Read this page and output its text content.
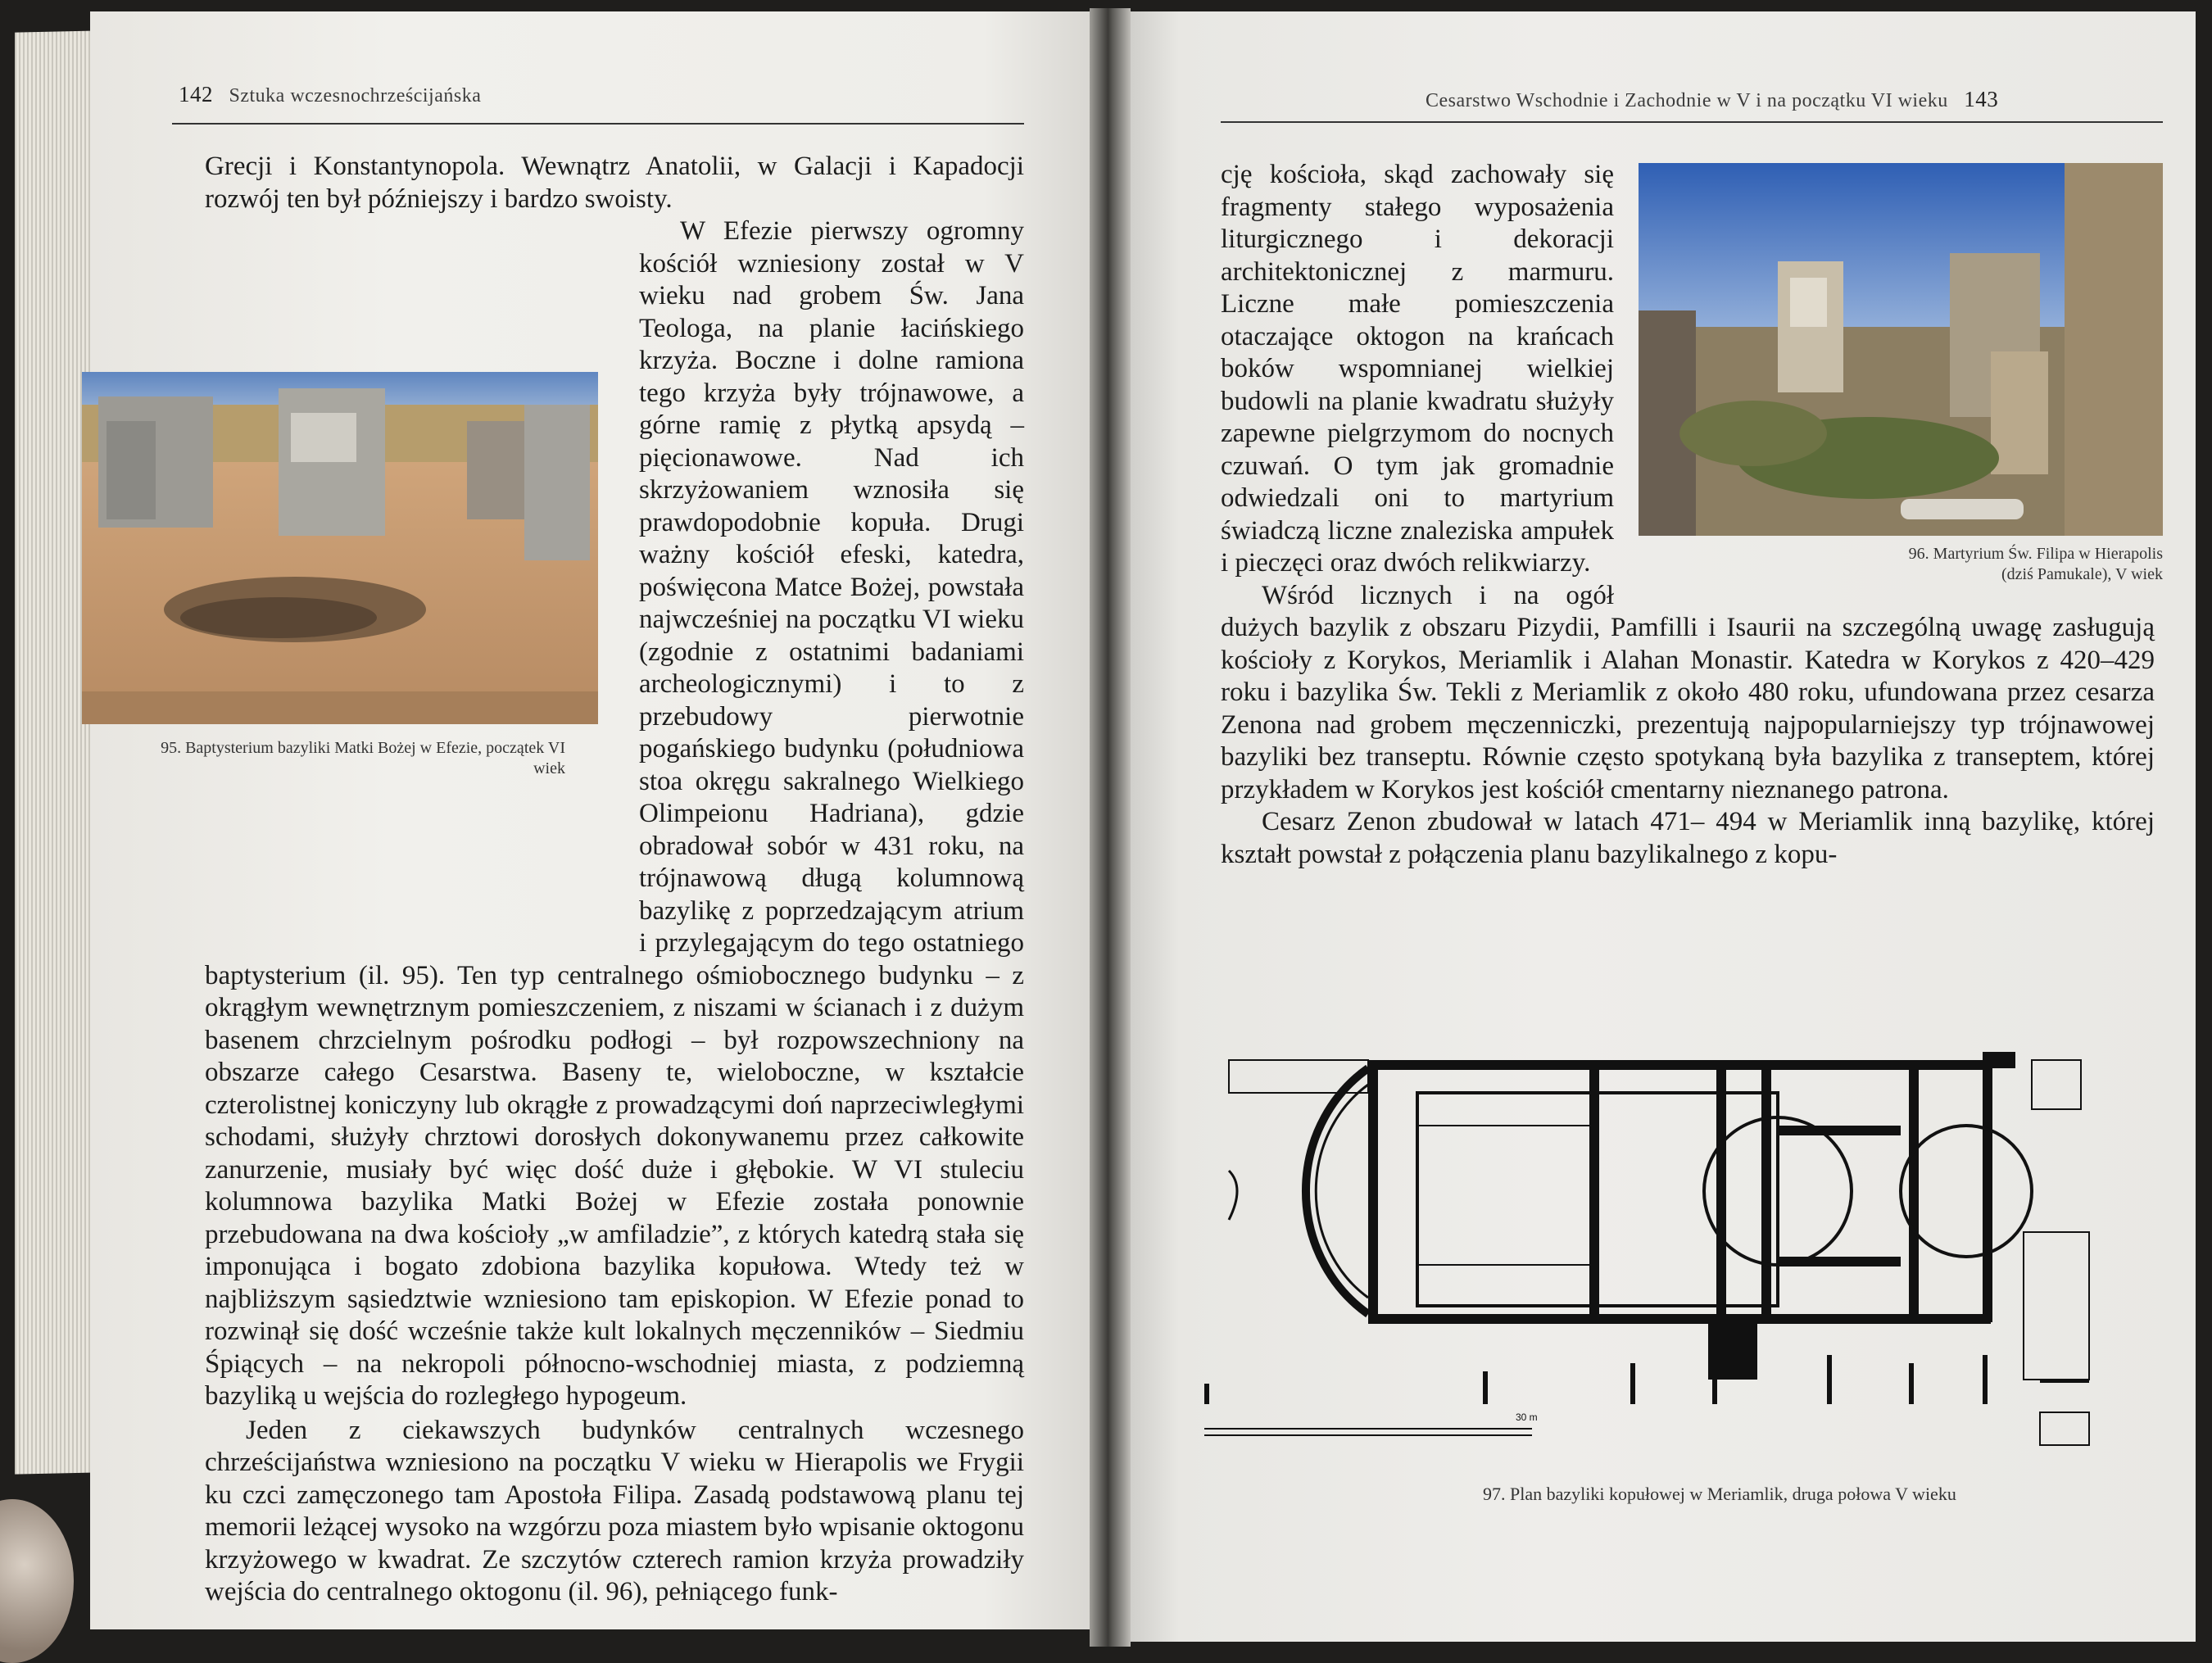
142 Sztuka wczesnochrześcijańska
95. Baptysterium bazyliki Matki Bożej w Efezie, początek VI wiek

Grecji i Konstantynopola. Wewnątrz Anatolii, w Galacji i Kapadocji rozwój ten był późniejszy i bardzo swoisty.

W Efezie pierwszy ogromny kościół wzniesiony został w V wieku nad grobem Św. Jana Teologa, na planie łacińskiego krzyża. Boczne i dolne ramiona tego krzyża były trójnawowe, a górne ramię z płytką apsydą – pięcionawowe. Nad ich skrzyżowaniem wznosiła się prawdopodobnie kopuła. Drugi ważny kościół efeski, katedra, poświęcona Matce Bożej, powstała najwcześniej na początku VI wieku (zgodnie z ostatnimi badaniami archeologicznymi) i to z przebudowy pierwotnie pogańskiego budynku (południowa stoa okręgu sakralnego Wielkiego Olimpeionu Hadriana), gdzie obradował sobór w 431 roku, na trójnawową długą kolumnową bazylikę z poprzedzającym atrium i przylegającym do tego ostatniego baptysterium (il. 95). Ten typ centralnego ośmiobocznego budynku – z okrągłym wewnętrznym pomieszczeniem, z niszami w ścianach i z dużym basenem chrzcielnym pośrodku podłogi – był rozpowszechniony na obszarze całego Cesarstwa. Baseny te, wieloboczne, w kształcie czterolistnej koniczyny lub okrągłe z prowadzącymi doń naprzeciwległymi schodami, służyły chrztowi dorosłych dokonywanemu przez całkowite zanurzenie, musiały być więc dość duże i głębokie. W VI stuleciu kolumnowa bazylika Matki Bożej w Efezie została ponownie przebudowana na dwa kościoły „w amfiladzie”, z których katedrą stała się imponująca i bogato zdobiona bazylika kopułowa. Wtedy też w najbliższym sąsiedztwie wzniesiono tam episkopion. W Efezie ponad to rozwinął się dość wcześnie także kult lokalnych męczenników – Siedmiu Śpiących – na nekropoli północno-wschodniej miasta, z podziemną bazyliką u wejścia do rozległego hypogeum.

Jeden z ciekawszych budynków centralnych wczesnego chrześcijaństwa wzniesiono na początku V wieku w Hierapolis we Frygii ku czci zamęczonego tam Apostoła Filipa. Zasadą podstawową planu tej memorii leżącej wysoko na wzgórzu poza miastem było wpisanie oktogonu krzyżowego w kwadrat. Ze szczytów czterech ramion krzyża prowadziły wejścia do centralnego oktogonu (il. 96), pełniącego funk-

Cesarstwo Wschodnie i Zachodnie w V i na początku VI wieku 143
96. Martyrium Św. Filipa w Hierapolis
(dziś Pamukale), V wiek

cję kościoła, skąd zachowały się fragmenty stałego wyposażenia liturgicznego i dekoracji architektonicznej z marmuru. Liczne małe pomieszczenia otaczające oktogon na krańcach boków wspomnianej wielkiej budowli na planie kwadratu służyły zapewne pielgrzymom do nocnych czuwań. O tym jak gromadnie odwiedzali oni to martyrium świadczą liczne znaleziska ampułek i pieczęci oraz dwóch relikwiarzy.

Wśród licznych i na ogół dużych bazylik z obszaru Pizydii, Pamfilli i Isaurii na szczególną uwagę zasługują kościoły z Korykos, Meriamlik i Alahan Monastir. Katedra w Korykos z 420–429 roku i bazylika Św. Tekli z Meriamlik z około 480 roku, ufundowana przez cesarza Zenona nad grobem męczenniczki, prezentują najpopularniejszy typ trójnawowej bazyliki bez transeptu. Równie często spotykaną była bazylika z transeptem, której przykładem w Korykos jest kościół cmentarny nieznanego patrona.

Cesarz Zenon zbudował w latach 471– 494 w Meriamlik inną bazylikę, której kształt powstał z połączenia planu bazylikalnego z kopu-

30 m
97. Plan bazyliki kopułowej w Meriamlik, druga połowa V wieku
